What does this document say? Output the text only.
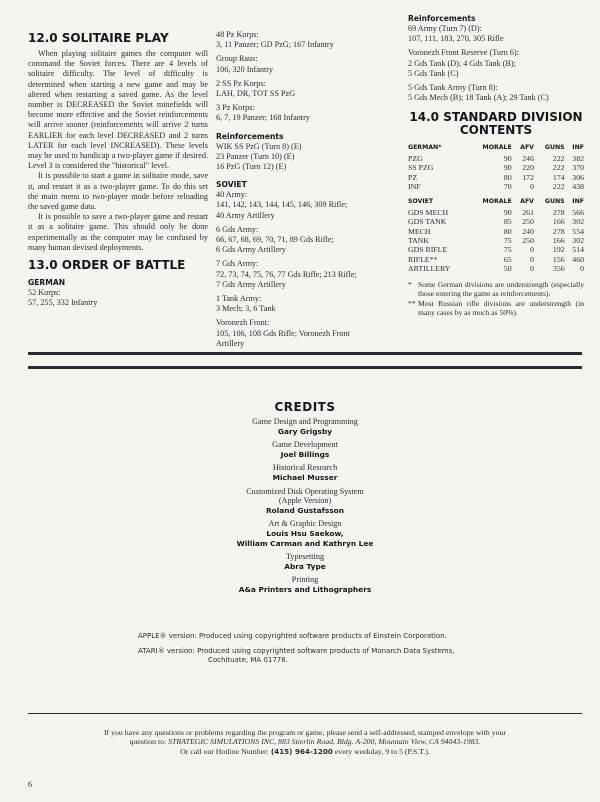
12.0 SOLITAIRE PLAY

When playing solitaire games the computer will command the Soviet forces. There are 4 levels of solitaire difficulty. The level of difficulty is determined when starting a new game and may be altered when restarting a saved game. As the level number is DECREASED the Soviet minefields will become more effective and the Soviet reinforcements will arrive sooner (reinforcements will arrive 2 turns EARLIER for each level DECREASED and 2 turns LATER for each level INCREASED). These levels may be used to handicap a two-player game if desired. Level 3 is considered the "historical" level.

It is possible to start a game in solitaire mode, save it, and restart it as a two-player game. To do this set the main menu to two-player mode before reloading the saved game data.

It is possible to save a two-player game and restart it as a solitaire game. This should only be done experimentally as the computer may be confused by many human devised deployments.

13.0 ORDER OF BATTLE
GERMAN
52 Korps:
57, 255, 332 Infantry
48 Pz Korps:
3, 11 Panzer; GD PzG; 167 Infantry
Group Raus:
106, 320 Infantry
2 SS Pz Korps:
LAH, DR, TOT SS PzG
3 Pz Korps:
6, 7, 19 Panzer; 168 Infantry
Reinforcements
WIK SS PzG (Turn 8) (E)
23 Panzer (Turn 10) (E)
16 PzG (Turn 12) (E)
SOVIET
40 Army:
141, 142, 143, 144, 145, 146, 309 Rifle;
40 Army Artillery
6 Gds Army:
66, 67, 68, 69, 70, 71, 89 Gds Rifle;
6 Gds Army Artillery
7 Gds Army:
72, 73, 74, 75, 76, 77 Gds Rifle; 213 Rifle;
7 Gds Army Artillery
1 Tank Army:
3 Mech; 3, 6 Tank
Voronezh Front:
105, 106, 108 Gds Rifle; Voronezh Front
Artillery
Reinforcements
69 Army (Turn 7) (D):
107, 111, 183, 270, 305 Rifle
Voronezh Front Reserve (Turn 6):
2 Gds Tank (D); 4 Gds Tank (B);
5 Gds Tank (C)
5 Gds Tank Army (Turn 8):
5 Gds Mech (B); 18 Tank (A); 29 Tank (C)
14.0 STANDARD DIVISION
CONTENTS
GERMAN*	MORALE	AFV	GUNS	INF
PZG	90	246	222	382
SS PZG	90	220	222	370
PZ	80	172	174	306
INF	70	0	222	438

SOVIET	MORALE	AFV	GUNS	INF
GDS MECH	90	261	278	566
GDS TANK	85	250	166	302
MECH	80	240	278	554
TANK	75	250	166	302
GDS RIFLE	75	0	192	514
RIFLE**	65	0	156	460
ARTILLERY	50	0	356	0
* Some German divisions are understrength (especially those entering the game as reinforcements).
** Most Russian rifle divisions are understrength (in many cases by as much as 50%).
CREDITS
Game Design and Programming
Gary Grigsby
Game Development
Joel Billings
Historical Research
Michael Musser
Customized Disk Operating System
(Apple Version)
Roland Gustafsson
Art & Graphic Design
Louis Hsu Saekow,
William Carman and Kathryn Lee
Typesetting
Abra Type
Printing
A&a Printers and Lithographers
APPLE® version: Produced using copyrighted software products of Einstein Corporation.
ATARI® version: Produced using copyrighted software products of Monarch Data Systems,
Cochituate, MA 01778.
If you have any questions or problems regarding the program or game, please send a self-addressed, stamped envelope with your
question to: STRATEGIC SIMULATIONS INC, 883 Stierlin Road, Bldg. A-200, Mountain View, CA 94043-1983.
Or call our Hotline Number: (415) 964-1200 every weekday, 9 to 5 (P.S.T.).
6
